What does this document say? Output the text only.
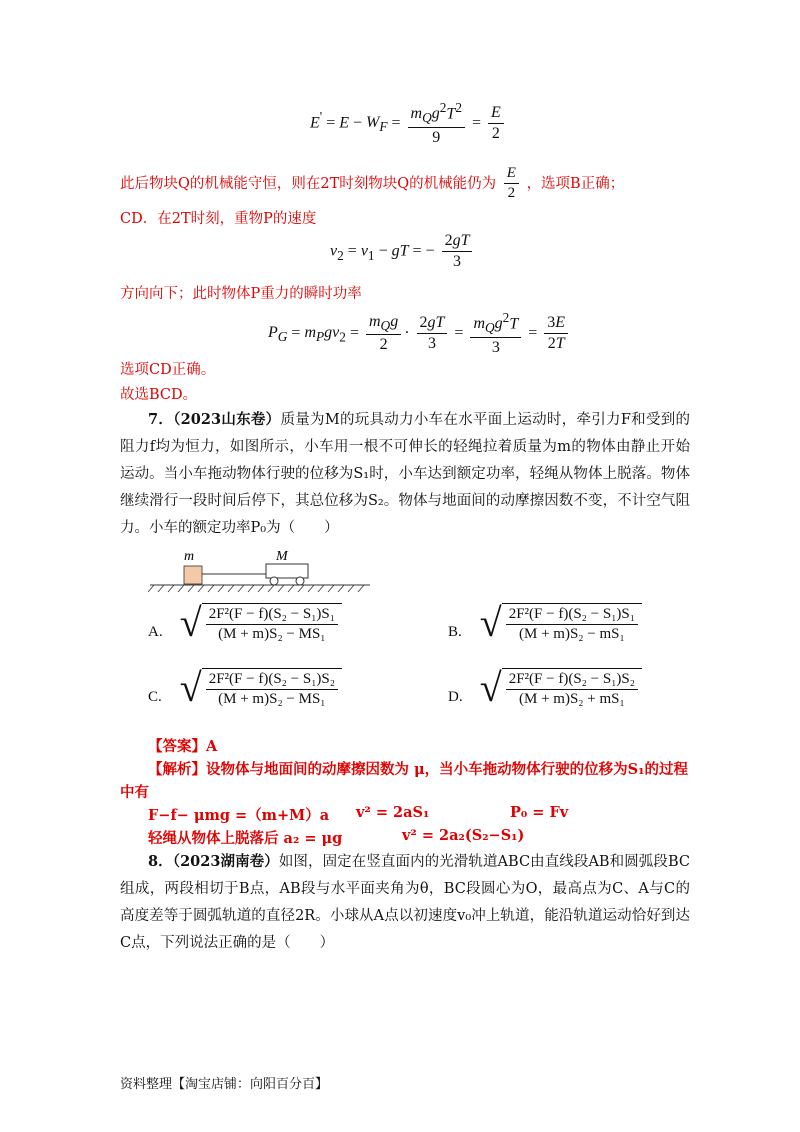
$E' = E - W_F = \frac{m_Qg^2T^2}{9} = \frac{E}{2}$
此后物块Q的机械能守恒，则在2T时刻物块Q的机械能仍为 $\frac{E}{2}$ ，选项B正确；
CD．在2T时刻，重物P的速度
$v_2 = v_1$ − gT = − $\frac{2gT}{3}$
方向向下；此时物体P重力的瞬时功率
$P_G = m_Pgv_2 = \frac{m_Qg}{2} \cdot \frac{2gT}{3} = \frac{m_Qg^2T}{3} = \frac{3E}{2T}$
选项CD正确。
故选BCD。
7．（2023山东卷）质量为M的玩具动力小车在水平面上运动时，牵引力F和受到的阻力f均为恒力，如图所示，小车用一根不可伸长的轻绳拉着质量为m的物体由静止开始运动。当小车拖动物体行驶的位移为S₁时，小车达到额定功率，轻绳从物体上脱落。物体继续滑行一段时间后停下，其总位移为S₂。物体与地面间的动摩擦因数不变，不计空气阻力。小车的额定功率P₀为（　　）
m	M
A. √ $\frac{\text{2F²(F − f)(S₂ − S₁)S₁}}{\text{(M + m)S₂ − MS₁}}$	B. √ $\frac{\text{2F²(F − f)(S₂ − S₁)S₁}}{\text{(M + m)S₂ − mS₁}}$
C. √ $\frac{\text{2F²(F − f)(S₂ − S₁)S₂}}{\text{(M + m)S₂ − MS₁}}$	D. √ $\frac{\text{2F²(F − f)(S₂ − S₁)S₂}}{\text{(M + m)S₂ + mS₁}}$
【答案】A
【解析】设物体与地面间的动摩擦因数为 μ，当小车拖动物体行驶的位移为S₁的过程
中有
F−f− μmg =（m+M）a v² = 2aS₁	P₀ = Fv
轻绳从物体上脱落后 a₂ = μg	v² = 2a₂(S₂−S₁)
8．（2023湖南卷）如图，固定在竖直面内的光滑轨道ABC由直线段AB和圆弧段BC组成，两段相切于B点，AB段与水平面夹角为θ，BC段圆心为O，最高点为C、A与C的高度差等于圆弧轨道的直径2R。小球从A点以初速度v₀冲上轨道，能沿轨道运动恰好到达C点，下列说法正确的是（　　）
资料整理【淘宝店铺：向阳百分百】
